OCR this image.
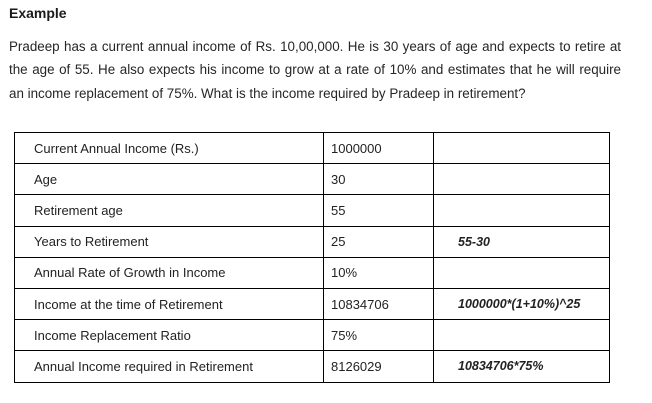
Example
Pradeep has a current annual income of Rs. 10,00,000. He is 30 years of age and expects to retire at the age of 55. He also expects his income to grow at a rate of 10% and estimates that he will require an income replacement of 75%. What is the income required by Pradeep in retirement?
Current Annual Income (Rs.)	1000000	
Age	30	
Retirement age	55	
Years to Retirement	25	55-30
Annual Rate of Growth in Income	10%	
Income at the time of Retirement	10834706	1000000*(1+10%)^25
Income Replacement Ratio	75%	
Annual Income required in Retirement	8126029	10834706*75%
